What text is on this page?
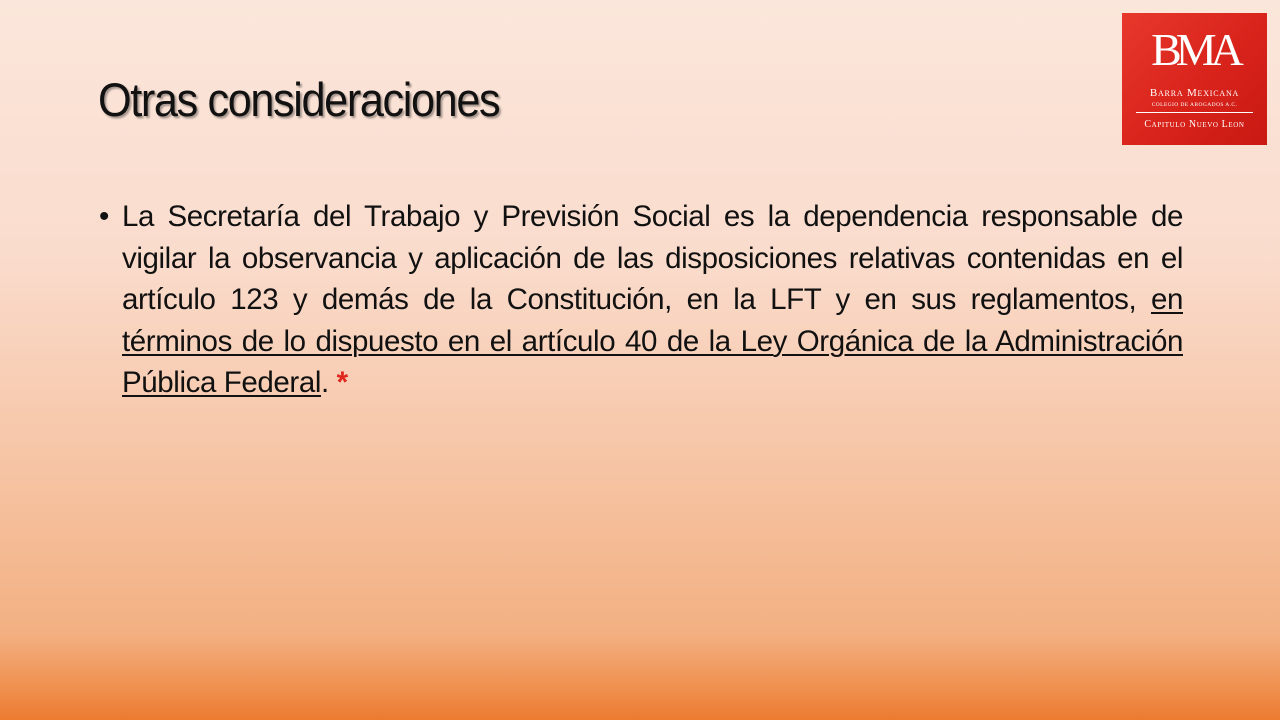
Otras consideraciones
BMA
Barra Mexicana
COLEGIO DE ABOGADOS A.C.
Capitulo Nuevo Leon
• La Secretaría del Trabajo y Previsión Social es la dependencia responsable de vigilar la observancia y aplicación de las disposiciones relativas contenidas en el artículo 123 y demás de la Constitución, en la LFT y en sus reglamentos, en términos de lo dispuesto en el artículo 40 de la Ley Orgánica de la Administración Pública Federal. *
